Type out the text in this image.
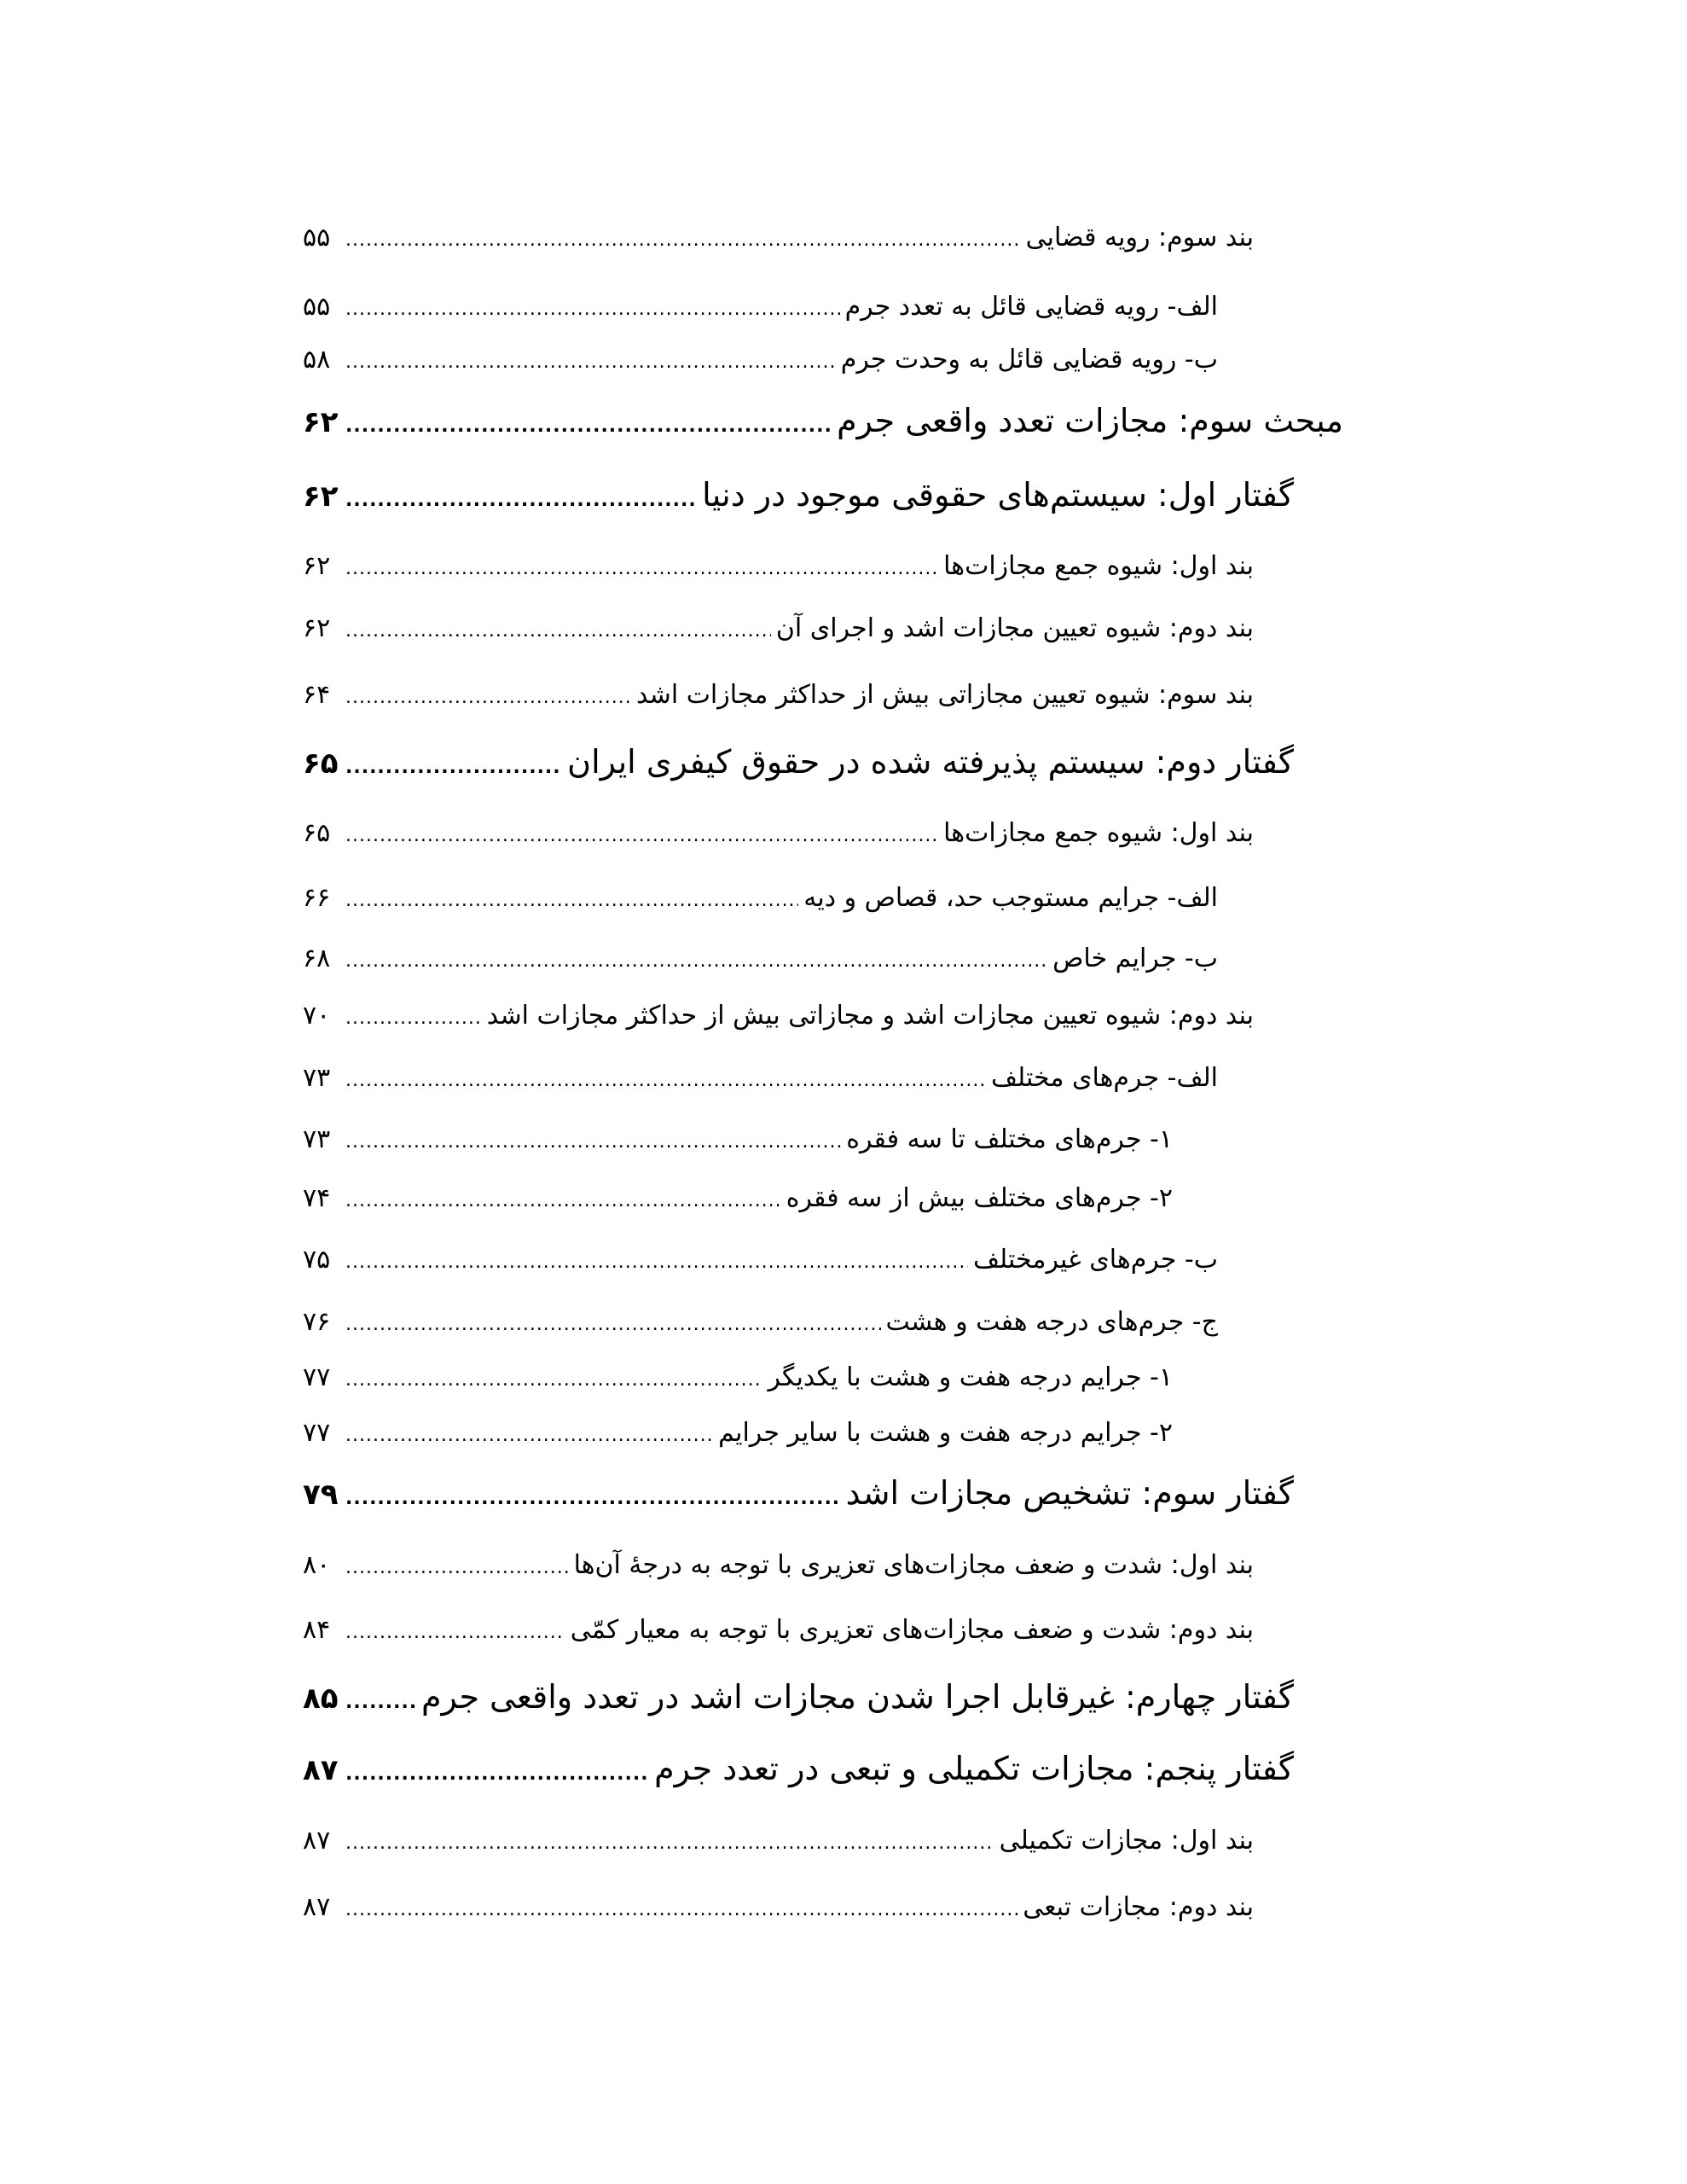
۵۵ .....	بند سوم: رویه قضایی
۵۵ .....	الف- رویه قضایی قائل به تعدد جرم
۵۸ .....	ب- رویه قضایی قائل به وحدت جرم
۶۲ .....	مبحث سوم: مجازات تعدد واقعی جرم
۶۲ .....	گفتار اول: سیستم‌های حقوقی موجود در دنیا
۶۲ .....	بند اول: شیوه جمع مجازات‌ها
۶۲ .....	بند دوم: شیوه تعیین مجازات اشد و اجرای آن
۶۴ .....	بند سوم: شیوه تعیین مجازاتی بیش از حداکثر مجازات اشد
۶۵ .....	گفتار دوم: سیستم پذیرفته شده در حقوق کیفری ایران
۶۵ .....	بند اول: شیوه جمع مجازات‌ها
۶۶ .....	الف- جرایم مستوجب حد، قصاص و دیه
۶۸ .....	ب- جرایم خاص
۷۰ .....	بند دوم: شیوه تعیین مجازات اشد و مجازاتی بیش از حداکثر مجازات اشد
۷۳ .....	الف- جرم‌های مختلف
۷۳ .....	۱- جرم‌های مختلف تا سه فقره
۷۴ .....	۲- جرم‌های مختلف بیش از سه فقره
۷۵ .....	ب- جرم‌های غیرمختلف
۷۶ .....	ج- جرم‌های درجه هفت و هشت
۷۷ .....	۱- جرایم درجه هفت و هشت با یکدیگر
۷۷ .....	۲- جرایم درجه هفت و هشت با سایر جرایم
۷۹ .....	گفتار سوم: تشخیص مجازات اشد
۸۰ .....	بند اول: شدت و ضعف مجازات‌های تعزیری با توجه به درجهٔ آن‌ها
۸۴ .....	بند دوم: شدت و ضعف مجازات‌های تعزیری با توجه به معیار کمّی
۸۵ .....	گفتار چهارم: غیرقابل اجرا شدن مجازات اشد در تعدد واقعی جرم
۸۷ .....	گفتار پنجم: مجازات تکمیلی و تبعی در تعدد جرم
۸۷ .....	بند اول: مجازات تکمیلی
۸۷ .....	بند دوم: مجازات تبعی
